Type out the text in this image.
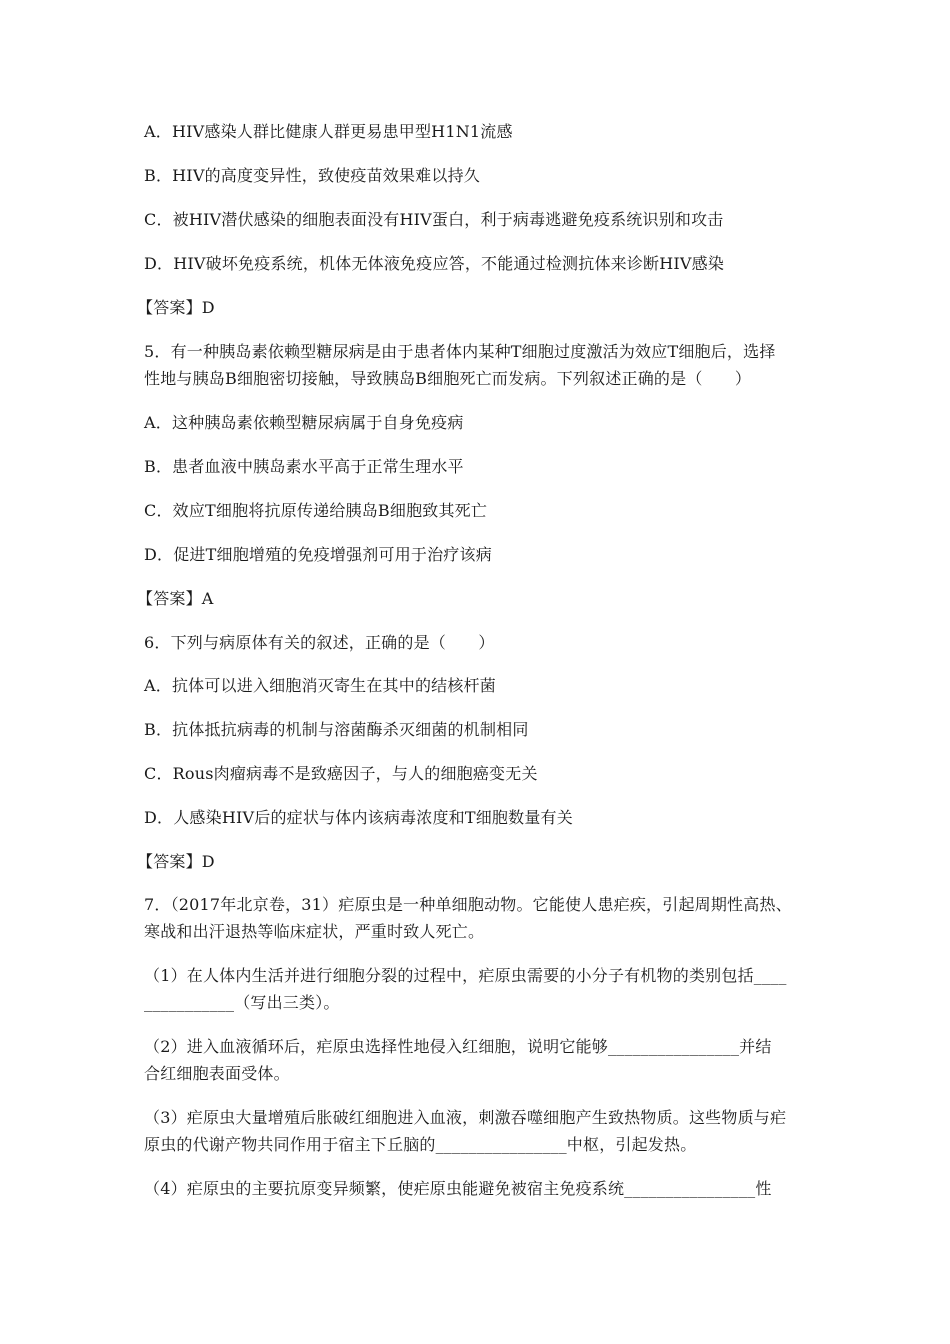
A．HIV感染人群比健康人群更易患甲型H1N1流感
B．HIV的高度变异性，致使疫苗效果难以持久
C．被HIV潜伏感染的细胞表面没有HIV蛋白，利于病毒逃避免疫系统识别和攻击
D．HIV破坏免疫系统，机体无体液免疫应答，不能通过检测抗体来诊断HIV感染
【答案】D
5．有一种胰岛素依赖型糖尿病是由于患者体内某种T细胞过度激活为效应T细胞后，选择
性地与胰岛B细胞密切接触，导致胰岛B细胞死亡而发病。下列叙述正确的是（　　）
A．这种胰岛素依赖型糖尿病属于自身免疫病
B．患者血液中胰岛素水平高于正常生理水平
C．效应T细胞将抗原传递给胰岛B细胞致其死亡
D．促进T细胞增殖的免疫增强剂可用于治疗该病
【答案】A
6．下列与病原体有关的叙述，正确的是（　　）
A．抗体可以进入细胞消灭寄生在其中的结核杆菌
B．抗体抵抗病毒的机制与溶菌酶杀灭细菌的机制相同
C．Rous肉瘤病毒不是致癌因子，与人的细胞癌变无关
D．人感染HIV后的症状与体内该病毒浓度和T细胞数量有关
【答案】D
7．（2017年北京卷，31）疟原虫是一种单细胞动物。它能使人患疟疾，引起周期性高热、
寒战和出汗退热等临床症状，严重时致人死亡。
（1）在人体内生活并进行细胞分裂的过程中，疟原虫需要的小分子有机物的类别包括____
___________（写出三类）。
（2）进入血液循环后，疟原虫选择性地侵入红细胞，说明它能够________________并结
合红细胞表面受体。
（3）疟原虫大量增殖后胀破红细胞进入血液，刺激吞噬细胞产生致热物质。这些物质与疟
原虫的代谢产物共同作用于宿主下丘脑的________________中枢，引起发热。
（4）疟原虫的主要抗原变异频繁，使疟原虫能避免被宿主免疫系统________________性
